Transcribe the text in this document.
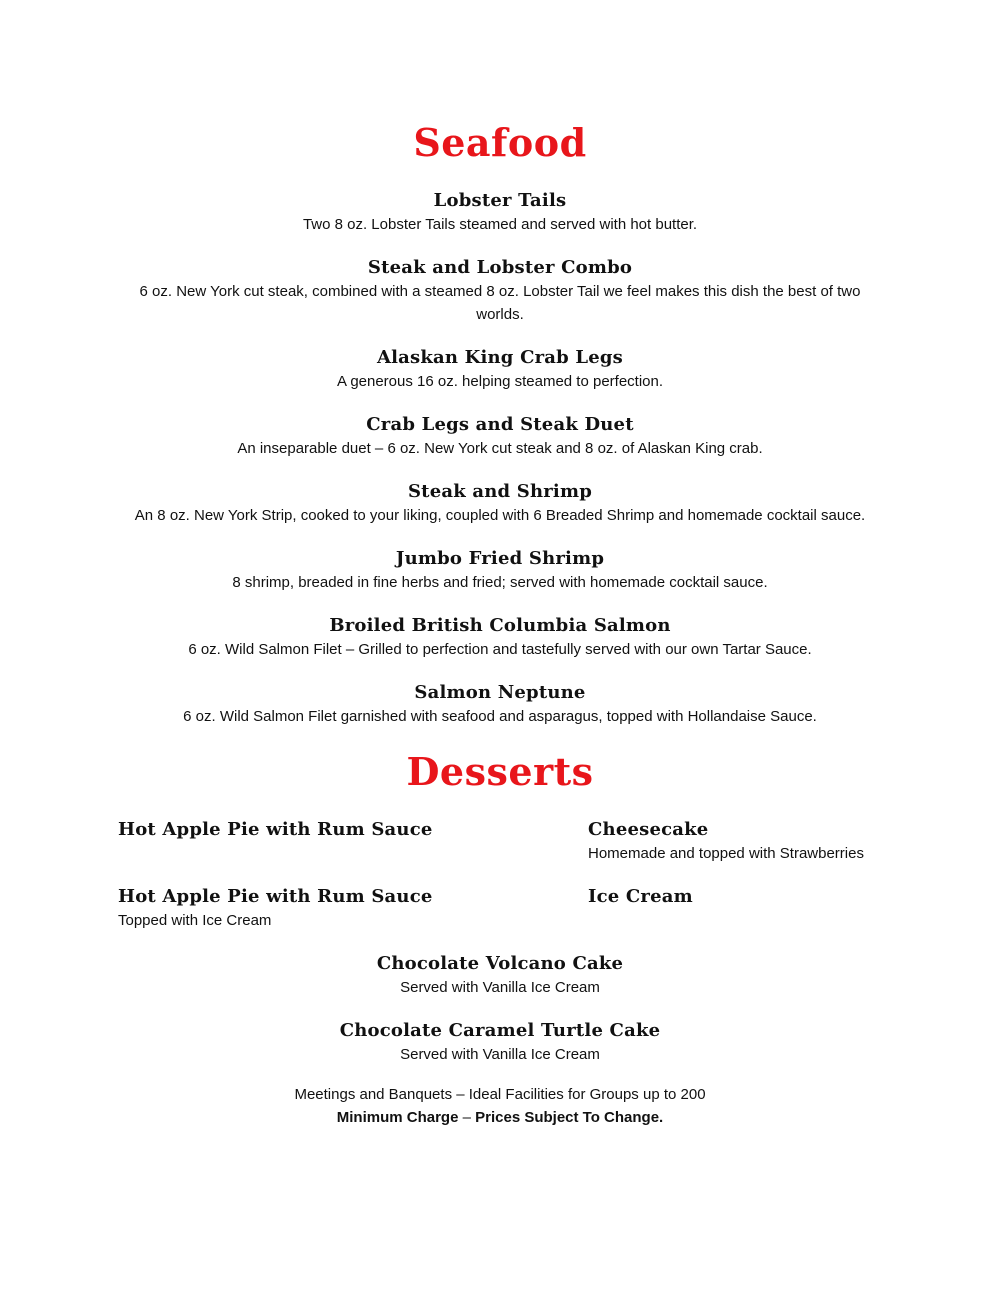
Seafood
Lobster Tails
Two 8 oz. Lobster Tails steamed and served with hot butter.
Steak and Lobster Combo
6 oz. New York cut steak, combined with a steamed 8 oz. Lobster Tail we feel makes this dish the best of two
worlds.
Alaskan King Crab Legs
A generous 16 oz. helping steamed to perfection.
Crab Legs and Steak Duet
An inseparable duet – 6 oz. New York cut steak and 8 oz. of Alaskan King crab.
Steak and Shrimp
An 8 oz. New York Strip, cooked to your liking, coupled with 6 Breaded Shrimp and homemade cocktail sauce.
Jumbo Fried Shrimp
8 shrimp, breaded in fine herbs and fried; served with homemade cocktail sauce.
Broiled British Columbia Salmon
6 oz. Wild Salmon Filet – Grilled to perfection and tastefully served with our own Tartar Sauce.
Salmon Neptune
6 oz. Wild Salmon Filet garnished with seafood and asparagus, topped with Hollandaise Sauce.
Desserts
Hot Apple Pie with Rum Sauce	Cheesecake
Homemade and topped with Strawberries
Hot Apple Pie with Rum Sauce
Topped with Ice Cream
Ice Cream
Chocolate Volcano Cake
Served with Vanilla Ice Cream
Chocolate Caramel Turtle Cake
Served with Vanilla Ice Cream
Meetings and Banquets – Ideal Facilities for Groups up to 200
Minimum Charge – Prices Subject To Change.
